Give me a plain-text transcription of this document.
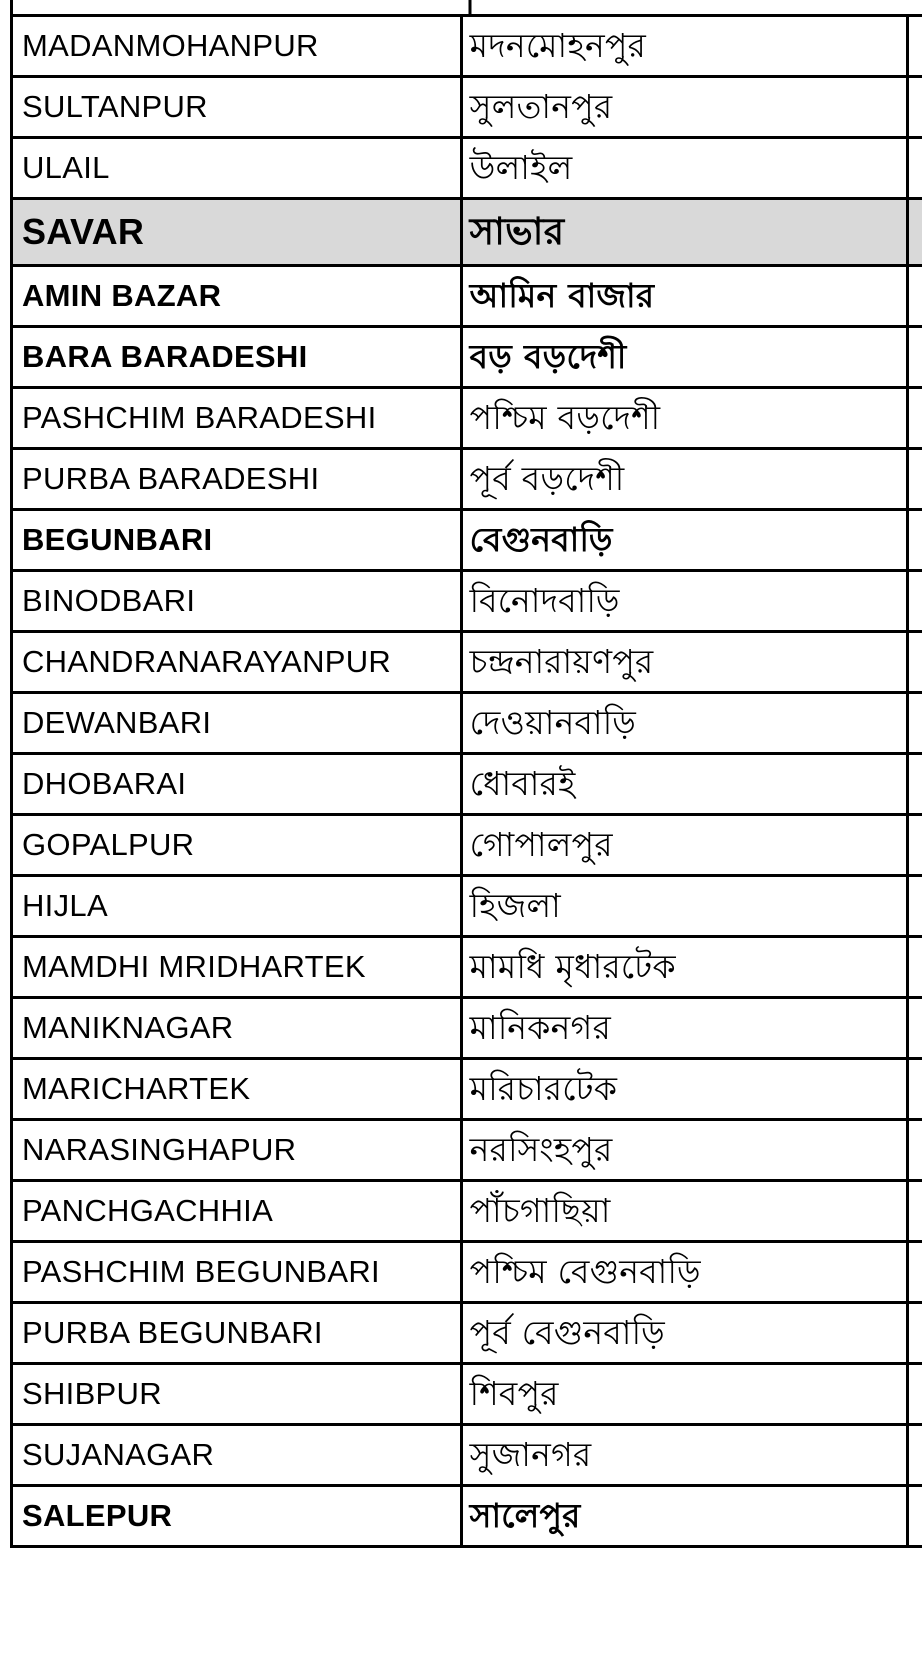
MADANMOHANPUR	মদনমোহনপুর	
SULTANPUR	সুলতানপুর	
ULAIL	উলাইল	
SAVAR	সাভার	
AMIN BAZAR	আমিন বাজার	
BARA BARADESHI	বড় বড়দেশী	
PASHCHIM BARADESHI	পশ্চিম বড়দেশী	
PURBA BARADESHI	পূর্ব বড়দেশী	
BEGUNBARI	বেগুনবাড়ি	
BINODBARI	বিনোদবাড়ি	
CHANDRANARAYANPUR	চন্দ্রনারায়ণপুর	
DEWANBARI	দেওয়ানবাড়ি	
DHOBARAI	ধোবারই	
GOPALPUR	গোপালপুর	
HIJLA	হিজলা	
MAMDHI MRIDHARTEK	মামধি মৃধারটেক	
MANIKNAGAR	মানিকনগর	
MARICHARTEK	মরিচারটেক	
NARASINGHAPUR	নরসিংহপুর	
PANCHGACHHIA	পাঁচগাছিয়া	
PASHCHIM BEGUNBARI	পশ্চিম বেগুনবাড়ি	
PURBA BEGUNBARI	পূর্ব বেগুনবাড়ি	
SHIBPUR	শিবপুর	
SUJANAGAR	সুজানগর	
SALEPUR	সালেপুর	
